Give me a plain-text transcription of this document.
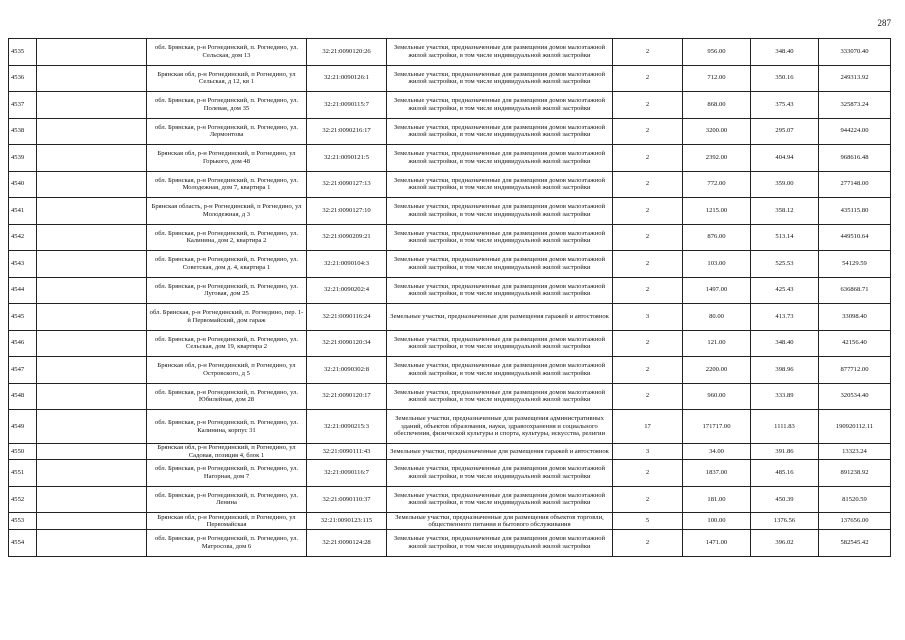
287
4535		обл. Брянская, р-н Рогнединский, п. Рогнедино, ул. Сельская, дом 13	32:21:0090120:26	Земельные участки, предназначенные для размещения домов малоэтажной жилой застройки, в том числе индивидуальной жилой застройки	2	956.00	348.40	333070.40
4536		Брянская обл, р-н Рогнединский, п Рогнедино, ул Сельская, д 12, кв 1	32:21:0090126:1	Земельные участки, предназначенные для размещения домов малоэтажной жилой застройки, в том числе индивидуальной жилой застройки	2	712.00	350.16	249313.92
4537		обл. Брянская, р-н Рогнединский, п. Рогнедино, ул. Полевая, дом 35	32:21:0090115:7	Земельные участки, предназначенные для размещения домов малоэтажной жилой застройки, в том числе индивидуальной жилой застройки	2	868.00	375.43	325873.24
4538		обл. Брянская, р-н Рогнединский, п. Рогнедино, ул. Лермонтова	32:21:0090216:17	Земельные участки, предназначенные для размещения домов малоэтажной жилой застройки, в том числе индивидуальной жилой застройки	2	3200.00	295.07	944224.00
4539		Брянская обл, р-н Рогнединский, п Рогнедино, ул Горького, дом 48	32:21:0090121:5	Земельные участки, предназначенные для размещения домов малоэтажной жилой застройки, в том числе индивидуальной жилой застройки	2	2392.00	404.94	968616.48
4540		обл. Брянская, р-н Рогнединский, п. Рогнедино, ул. Молодежная, дом 7, квартира 1	32:21:0090127:13	Земельные участки, предназначенные для размещения домов малоэтажной жилой застройки, в том числе индивидуальной жилой застройки	2	772.00	359.00	277148.00
4541		Брянская область, р-н Рогнединский, п Рогнедино, ул Молодежная, д 3	32:21:0090127:10	Земельные участки, предназначенные для размещения домов малоэтажной жилой застройки, в том числе индивидуальной жилой застройки	2	1215.00	358.12	435115.80
4542		обл. Брянская, р-н Рогнединский, п. Рогнедино, ул. Калинина, дом 2, квартира 2	32:21:0090209:21	Земельные участки, предназначенные для размещения домов малоэтажной жилой застройки, в том числе индивидуальной жилой застройки	2	876.00	513.14	449510.64
4543		обл. Брянская, р-н Рогнединский, п. Рогнедино, ул. Советская, дом д. 4, квартира 1	32:21:0090104:3	Земельные участки, предназначенные для размещения домов малоэтажной жилой застройки, в том числе индивидуальной жилой застройки	2	103.00	525.53	54129.59
4544		обл. Брянская, р-н Рогнединский, п. Рогнедино, ул. Луговая, дом 25	32:21:0090202:4	Земельные участки, предназначенные для размещения домов малоэтажной жилой застройки, в том числе индивидуальной жилой застройки	2	1497.00	425.43	636868.71
4545		обл. Брянская, р-н Рогнединский, п. Рогнедино, пер. 1-й Первомайский, дом гараж	32:21:0090116:24	Земельные участки, предназначенные для размещения гаражей и автостоянок	3	80.00	413.73	33098.40
4546		обл. Брянская, р-н Рогнединский, п. Рогнедино, ул. Сельская, дом 19, квартира 2	32:21:0090120:34	Земельные участки, предназначенные для размещения домов малоэтажной жилой застройки, в том числе индивидуальной жилой застройки	2	121.00	348.40	42156.40
4547		Брянская обл, р-н Рогнединский, п Рогнедино, ул Островского, д 5	32:21:0090302:8	Земельные участки, предназначенные для размещения домов малоэтажной жилой застройки, в том числе индивидуальной жилой застройки	2	2200.00	398.96	877712.00
4548		обл. Брянская, р-н Рогнединский, п. Рогнедино, ул. Юбилейная, дом 28	32:21:0090120:17	Земельные участки, предназначенные для размещения домов малоэтажной жилой застройки, в том числе индивидуальной жилой застройки	2	960.00	333.89	320534.40
4549		обл. Брянская, р-н Рогнединский, п. Рогнедино, ул. Калинина, корпус 31	32:21:0090215:3	Земельные участки, предназначенные для размещения административных зданий, объектов образования, науки, здравоохранения и социального обеспечения, физической культуры и спорта, культуры, искусства, религии	17	171717.00	1111.83	190920112.11
4550		Брянская обл, р-н Рогнединский, п Рогнедино, ул Садовая, позиция 4, блок 1	32:21:0090111:43	Земельные участки, предназначенные для размещения гаражей и автостоянок	3	34.00	391.86	13323.24
4551		обл. Брянская, р-н Рогнединский, п. Рогнедино, ул. Нагорная, дом 7	32:21:0090116:7	Земельные участки, предназначенные для размещения домов малоэтажной жилой застройки, в том числе индивидуальной жилой застройки	2	1837.00	485.16	891238.92
4552		обл. Брянская, р-н Рогнединский, п. Рогнедино, ул. Ленина	32:21:0090110:37	Земельные участки, предназначенные для размещения домов малоэтажной жилой застройки, в том числе индивидуальной жилой застройки	2	181.00	450.39	81520.59
4553		Брянская обл, р-н Рогнединский, п Рогнедино, ул Первомайская	32:21:0090123:115	Земельные участки, предназначенные для размещения объектов торговли, общественного питания и бытового обслуживания	5	100.00	1376.56	137656.00
4554		обл. Брянская, р-н Рогнединский, п. Рогнедино, ул. Матросова, дом 6	32:21:0090124:28	Земельные участки, предназначенные для размещения домов малоэтажной жилой застройки, в том числе индивидуальной жилой застройки	2	1471.00	396.02	582545.42
